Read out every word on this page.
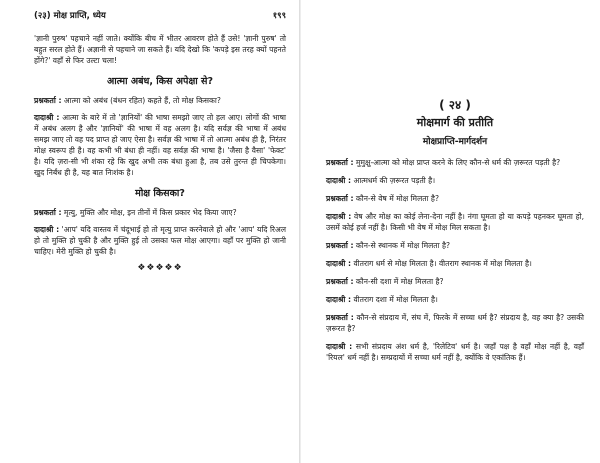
(२३) मोक्ष प्राप्ति, ध्येय	१९९

'ज्ञानी पुरुष' पहचाने नहीं जाते। क्योंकि बीच में भीतर आवरण होते हैं उसे! 'ज्ञानी पुरुष' तो बहुत सरल होते हैं। अज्ञानी से पहचाने जा सकते हैं। यदि देखो कि 'कपड़े इस तरह क्यों पहनते होंगे?' वहाँ से फिर उल्टा चला!

आत्मा अबंध, किस अपेक्षा से?

प्रश्नकर्ता : आत्मा को अबंध (बंधन रहित) कहते हैं, तो मोक्ष किसका?

दादाश्री : आत्मा के बारे में तो 'ज्ञानियों' की भाषा समझो जाए तो हल आए। लोगों की भाषा में अबंध अलग है और 'ज्ञानियों' की भाषा में वह अलग है। यदि सर्वज्ञ की भाषा में अबंध समझ जाए तो वह पद प्राप्त हो जाए ऐसा है। सर्वज्ञ की भाषा में तो आत्मा अबंध ही है, निरंतर मोक्ष स्वरूप ही है। वह कभी भी बंधा ही नहीं। वह सर्वज्ञ की भाषा है। 'जैसा है वैसा' 'फेक्ट' है। यदि ज़रा-सी भी शंका रहे कि खुद अभी तक बंधा हुआ है, तब उसे तुरन्त ही चिपकेगा। खुद निर्बंध ही है, यह बात निःशंक है।

मोक्ष किसका?

प्रश्नकर्ता : मृत्यु, मुक्ति और मोक्ष, इन तीनों में किस प्रकार भेद किया जाए?

दादाश्री : 'आप' यदि वास्तव में चंदूभाई हो तो मृत्यु प्राप्त करनेवाले हो और 'आप' यदि रिअल हो तो मुक्ति हो चुकी है और मुक्ति हुई तो उसका फल मोक्ष आएगा। वहाँ पर मुक्ति हो जानी चाहिए। मेरी मुक्ति हो चुकी है।

❖❖❖❖❖
( २४ )
मोक्षमार्ग की प्रतीति
मोक्षप्राप्ति-मार्गदर्शन

प्रश्नकर्ता : मुमुक्षु-आत्मा को मोक्ष प्राप्त करने के लिए कौन-से धर्म की ज़रूरत पड़ती है?

दादाश्री : आत्मधर्म की ज़रूरत पड़ती है।

प्रश्नकर्ता : कौन-से वेष में मोक्ष मिलता है?

दादाश्री : वेष और मोक्ष का कोई लेना-देना नहीं है। नंगा घूमता हो या कपड़े पहनकर घूमता हो, उसमें कोई हर्ज नहीं है। किसी भी वेष में मोक्ष मिल सकता है।

प्रश्नकर्ता : कौन-से स्थानक में मोक्ष मिलता है?

दादाश्री : वीतराग धर्म से मोक्ष मिलता है। वीतराग स्थानक में मोक्ष मिलता है।

प्रश्नकर्ता : कौन-सी दशा में मोक्ष मिलता है?

दादाश्री : वीतराग दशा में मोक्ष मिलता है।

प्रश्नकर्ता : कौन-से संप्रदाय में, संघ में, फिरके में सच्चा धर्म है? संप्रदाय है, वह क्या है? उसकी ज़रूरत है?

दादाश्री : सभी संप्रदाय अंश धर्म है, 'रिलेटिव' धर्म है। जहाँ पक्ष है वहाँ मोक्ष नहीं है, वहाँ 'रियल' धर्म नहीं है। सम्प्रदायों में सच्चा धर्म नहीं है, क्योंकि वे एकांतिक हैं।
